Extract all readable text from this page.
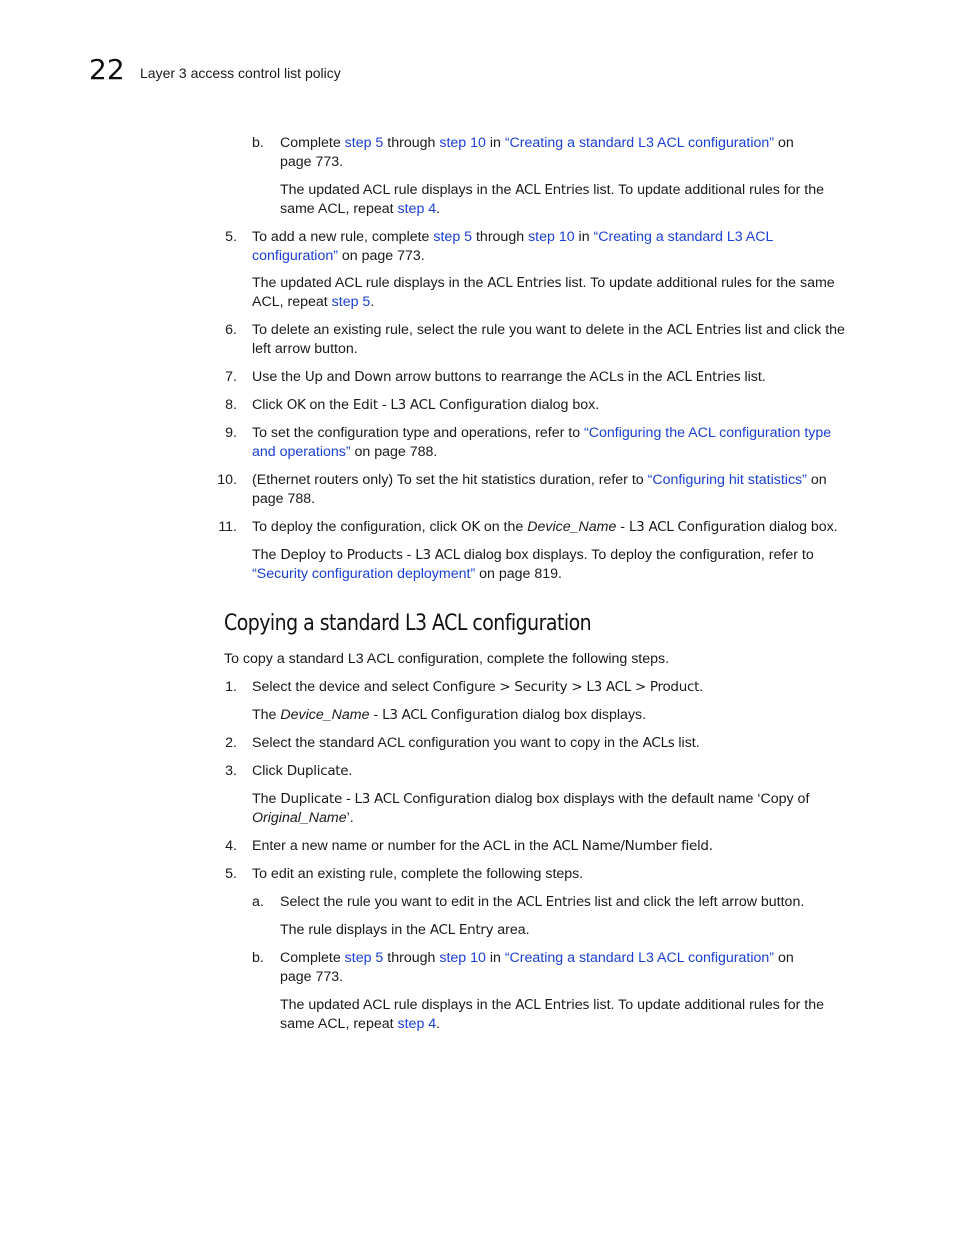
22 Layer 3 access control list policy
b.	Complete step 5 through step 10 in “Creating a standard L3 ACL configuration” on
page 773.
The updated ACL rule displays in the ACL Entries list. To update additional rules for the
same ACL, repeat step 4.
5. To add a new rule, complete step 5 through step 10 in “Creating a standard L3 ACL
configuration” on page 773.
The updated ACL rule displays in the ACL Entries list. To update additional rules for the same
ACL, repeat step 5.
6. To delete an existing rule, select the rule you want to delete in the ACL Entries list and click the
left arrow button.
7. Use the Up and Down arrow buttons to rearrange the ACLs in the ACL Entries list.
8. Click OK on the Edit - L3 ACL Configuration dialog box.
9. To set the configuration type and operations, refer to “Configuring the ACL configuration type
and operations” on page 788.
10. (Ethernet routers only) To set the hit statistics duration, refer to “Configuring hit statistics” on
page 788.
11. To deploy the configuration, click OK on the Device_Name - L3 ACL Configuration dialog box.
The Deploy to Products - L3 ACL dialog box displays. To deploy the configuration, refer to
“Security configuration deployment” on page 819.
Copying a standard L3 ACL configuration
To copy a standard L3 ACL configuration, complete the following steps.
1. Select the device and select Configure > Security > L3 ACL > Product.
The Device_Name - L3 ACL Configuration dialog box displays.
2. Select the standard ACL configuration you want to copy in the ACLs list.
3. Click Duplicate.
The Duplicate - L3 ACL Configuration dialog box displays with the default name ‘Copy of
Original_Name’.
4. Enter a new name or number for the ACL in the ACL Name/Number field.
5. To edit an existing rule, complete the following steps.
a. Select the rule you want to edit in the ACL Entries list and click the left arrow button.
The rule displays in the ACL Entry area.
b. Complete step 5 through step 10 in “Creating a standard L3 ACL configuration” on
page 773.
The updated ACL rule displays in the ACL Entries list. To update additional rules for the
same ACL, repeat step 4.
